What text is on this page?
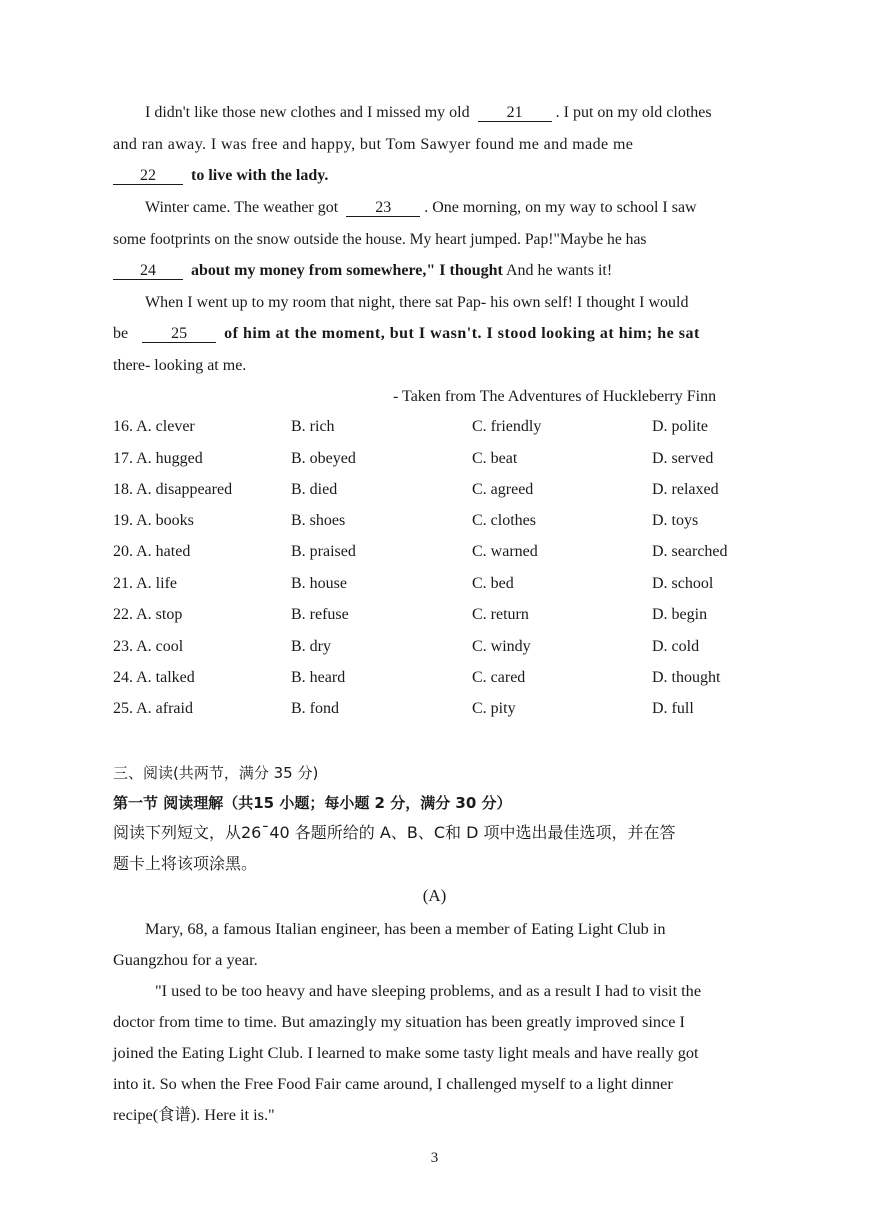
I didn't like those new clothes and I missed my old 21 . I put on my old clothes
and ran away. I was free and happy, but Tom Sawyer found me and made me
22 to live with the lady.
Winter came. The weather got 23 . One morning, on my way to school I saw
some footprints on the snow outside the house. My heart jumped. Pap!"Maybe he has
24 about my money from somewhere," I thought And he wants it!
When I went up to my room that night, there sat Pap- his own self! I thought I would
be	25 of him at the moment, but I wasn't. I stood looking at him; he sat
there- looking at me.
- Taken from The Adventures of Huckleberry Finn
16. A. clever	B. rich	C. friendly	D. polite
17. A. hugged	B. obeyed	C. beat	D. served
18. A. disappeared	B. died	C. agreed	D. relaxed
19. A. books	B. shoes	C. clothes	D. toys
20. A. hated	B. praised	C. warned	D. searched
21. A. life	B. house	C. bed	D. school
22. A. stop	B. refuse	C. return	D. begin
23. A. cool	B. dry	C. windy	D. cold
24. A. talked	B. heard	C. cared	D. thought
25. A. afraid	B. fond	C. pity	D. full
三、阅读(共两节，满分 35 分)
第一节 阅读理解（共15 小题；每小题 2 分，满分 30 分）
阅读下列短文，从26¯40 各题所给的 A、B、C和 D 项中选出最佳选项，并在答
题卡上将该项涂黑。
(A)
Mary, 68, a famous Italian engineer, has been a member of Eating Light Club in
Guangzhou for a year.
"I used to be too heavy and have sleeping problems, and as a result I had to visit the
doctor from time to time. But amazingly my situation has been greatly improved since I
joined the Eating Light Club. I learned to make some tasty light meals and have really got
into it. So when the Free Food Fair came around, I challenged myself to a light dinner
recipe(食谱). Here it is."
3
